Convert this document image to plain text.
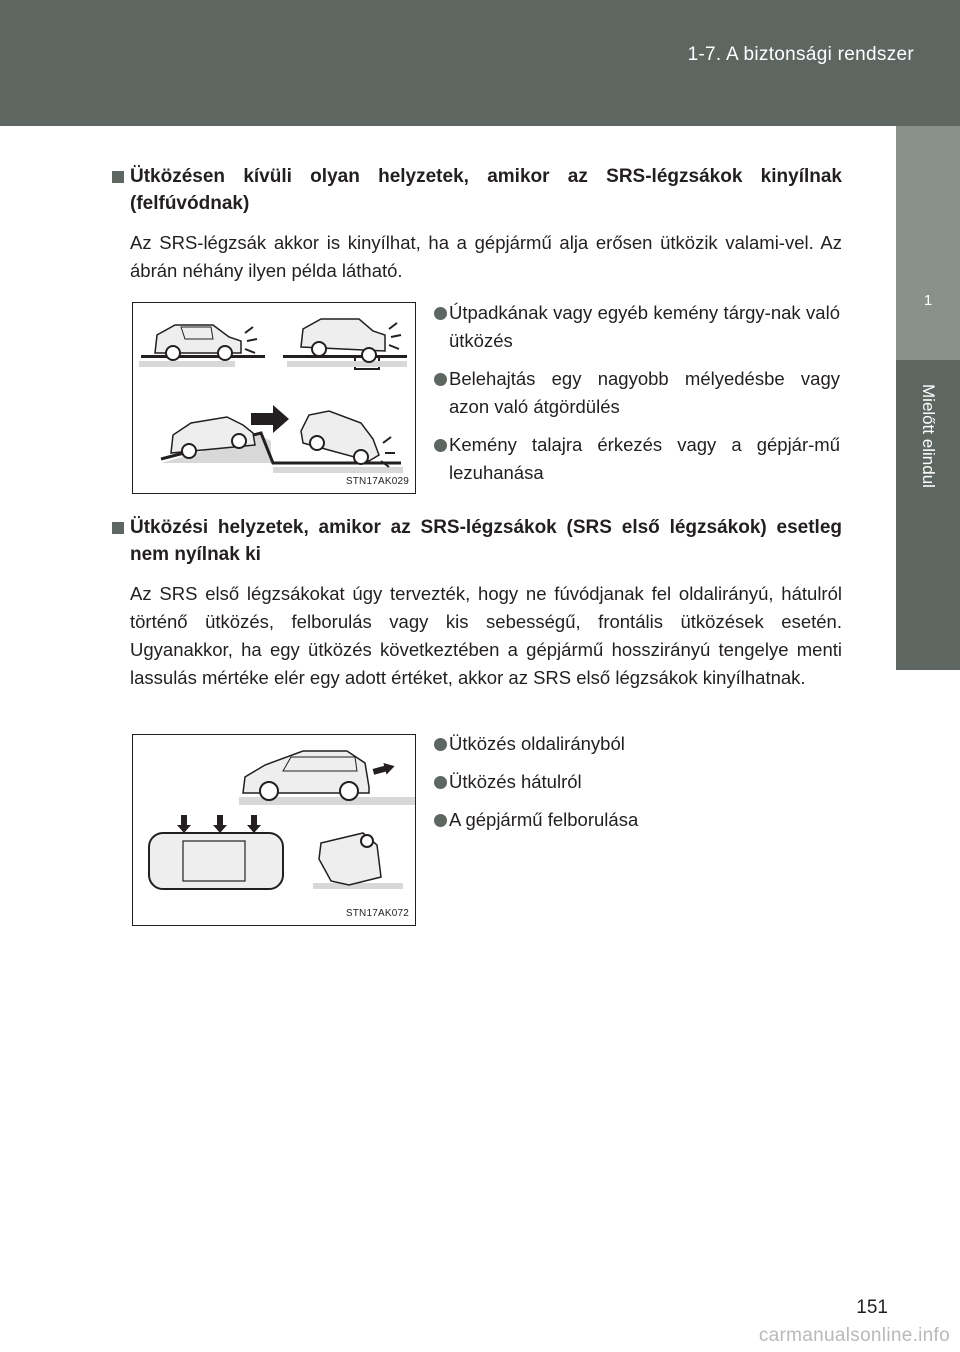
1-7. A biztonsági rendszer
1
Mielőtt elindul
Ütközésen kívüli olyan helyzetek, amikor az SRS-légzsákok kinyílnak (felfúvódnak)
Az SRS-légzsák akkor is kinyílhat, ha a gépjármű alja erősen ütközik valami-vel. Az ábrán néhány ilyen példa látható.
STN17AK029
Útpadkának vagy egyéb kemény tárgy-nak való ütközés
Belehajtás egy nagyobb mélyedésbe vagy azon való átgördülés
Kemény talajra érkezés vagy a gépjár-mű lezuhanása
Ütközési helyzetek, amikor az SRS-légzsákok (SRS első légzsákok) esetleg nem nyílnak ki
Az SRS első légzsákokat úgy tervezték, hogy ne fúvódjanak fel oldalirányú, hátulról történő ütközés, felborulás vagy kis sebességű, frontális ütközések esetén. Ugyanakkor, ha egy ütközés következtében a gépjármű hosszirányú tengelye menti lassulás mértéke elér egy adott értéket, akkor az SRS első légzsákok kinyílhatnak.
STN17AK072
Ütközés oldalirányból
Ütközés hátulról
A gépjármű felborulása
151
carmanualsonline.info
